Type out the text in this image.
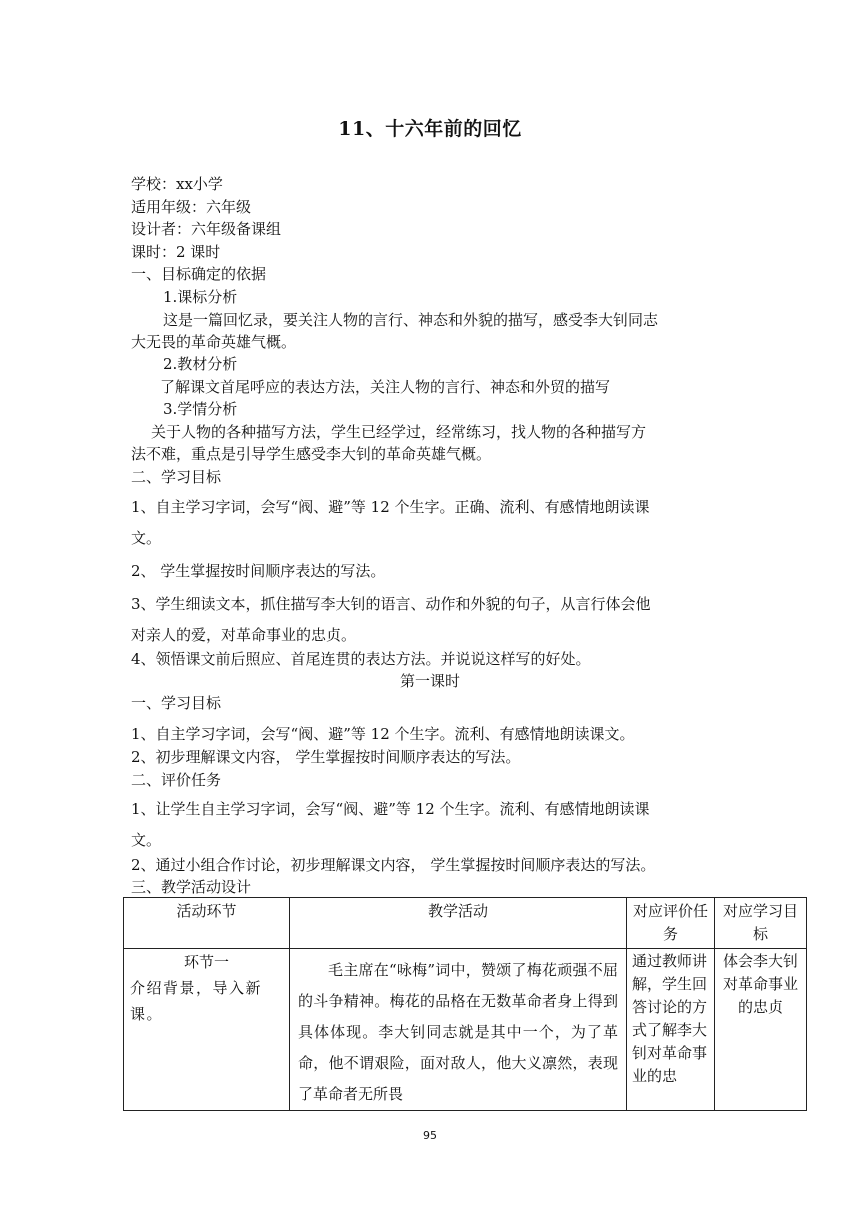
11、十六年前的回忆
学校：xx小学
适用年级：六年级
设计者：六年级备课组
课时：2 课时
一、目标确定的依据
1.课标分析
这是一篇回忆录，要关注人物的言行、神态和外貌的描写，感受李大钊同志
大无畏的革命英雄气概。
2.教材分析
了解课文首尾呼应的表达方法，关注人物的言行、神态和外贸的描写
3.学情分析
关于人物的各种描写方法，学生已经学过，经常练习，找人物的各种描写方
法不难，重点是引导学生感受李大钊的革命英雄气概。
二、学习目标
1、自主学习字词，会写“阀、避”等 12 个生字。正确、流利、有感情地朗读课
文。
2、 学生掌握按时间顺序表达的写法。
3、学生细读文本，抓住描写李大钊的语言、动作和外貌的句子，从言行体会他
对亲人的爱，对革命事业的忠贞。
4、领悟课文前后照应、首尾连贯的表达方法。并说说这样写的好处。
第一课时
一、学习目标
1、自主学习字词，会写“阀、避”等 12 个生字。流利、有感情地朗读课文。
2、初步理解课文内容， 学生掌握按时间顺序表达的写法。
二、评价任务
1、让学生自主学习字词，会写“阀、避”等 12 个生字。流利、有感情地朗读课
文。
2、通过小组合作讨论，初步理解课文内容， 学生掌握按时间顺序表达的写法。
三、教学活动设计
活动环节	教学活动	对应评价任务	对应学习目标

环节一
介绍背景，导入新课。	毛主席在“咏梅”词中，赞颂了梅花顽强不屈的斗争精神。梅花的品格在无数革命者身上得到具体体现。李大钊同志就是其中一个，为了革命，他不谓艰险，面对敌人，他大义凛然，表现了革命者无所畏	通过教师讲解，学生回答讨论的方式了解李大钊对革命事业的忠	体会李大钊对革命事业的忠贞
95
